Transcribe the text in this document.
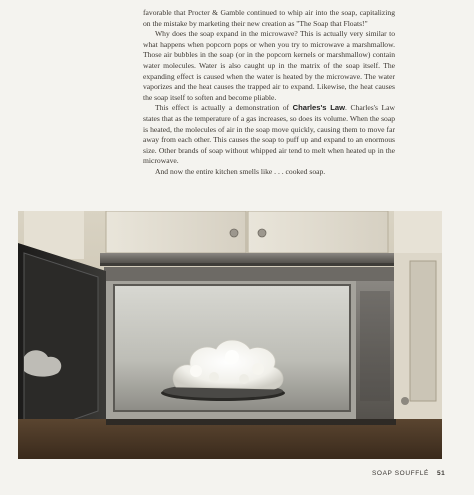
favorable that Procter & Gamble continued to whip air into the soap, capitalizing on the mistake by marketing their new creation as "The Soap that Floats!"

Why does the soap expand in the microwave? This is actually very similar to what happens when popcorn pops or when you try to microwave a marshmallow. Those air bubbles in the soap (or in the popcorn kernels or marshmallow) contain water molecules. Water is also caught up in the matrix of the soap itself. The expanding effect is caused when the water is heated by the microwave. The water vaporizes and the heat causes the trapped air to expand. Likewise, the heat causes the soap itself to soften and become pliable.

This effect is actually a demonstration of Charles's Law. Charles's Law states that as the temperature of a gas increases, so does its volume. When the soap is heated, the molecules of air in the soap move quickly, causing them to move far away from each other. This causes the soap to puff up and expand to an enormous size. Other brands of soap without whipped air tend to melt when heated up in the microwave.

And now the entire kitchen smells like . . . cooked soap.

SOAP SOUFFLÉ 51
